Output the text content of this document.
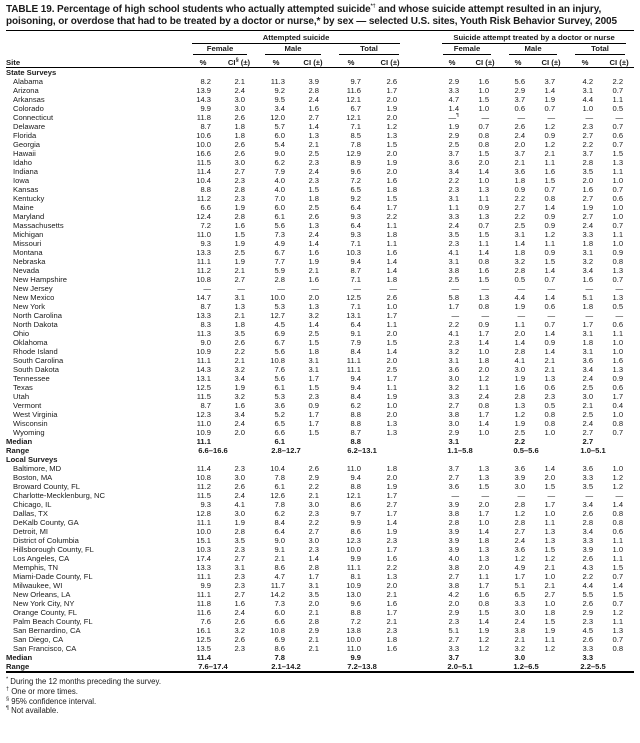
TABLE 19. Percentage of high school students who actually attempted suicide*† and whose suicide attempt resulted in an injury, poisoning, or overdose that had to be treated by a doctor or nurse,* by sex — selected U.S. sites, Youth Risk Behavior Survey, 2005

	Attempted suicide							Suicide attempt treated by a doctor or nurse					

	Female		Male		Total			Female		Male		Total	

Site	%	CI§ (±)	%	CI (±)	%	CI (±)		%	CI (±)	%	CI (±)	%	CI (±)
State Surveys													
Alabama	8.2	2.1	11.3	3.9	9.7	2.6		2.9	1.6	5.6	3.7	4.2	2.2
Arizona	13.9	2.4	9.2	2.8	11.6	1.7		3.3	1.0	2.9	1.4	3.1	0.7
Arkansas	14.3	3.0	9.5	2.4	12.1	2.0		4.7	1.5	3.7	1.9	4.4	1.1
Colorado	9.9	3.0	3.4	1.6	6.7	1.9		1.4	1.0	0.6	0.7	1.0	0.5
Connecticut	11.8	2.6	12.0	2.7	12.1	2.0		—¶	—	—	—	—	—
Delaware	8.7	1.8	5.7	1.4	7.1	1.2		1.9	0.7	2.6	1.2	2.3	0.7
Florida	10.6	1.8	6.0	1.3	8.5	1.3		2.9	0.8	2.4	0.9	2.7	0.6
Georgia	10.0	2.6	5.4	2.1	7.8	1.5		2.5	0.8	2.0	1.2	2.2	0.7
Hawaii	16.6	2.6	9.0	2.5	12.9	2.0		3.7	1.5	3.7	2.1	3.7	1.5
Idaho	11.5	3.0	6.2	2.3	8.9	1.9		3.6	2.0	2.1	1.1	2.8	1.3
Indiana	11.4	2.7	7.9	2.4	9.6	2.0		3.4	1.4	3.6	1.6	3.5	1.1
Iowa	10.4	2.3	4.0	2.3	7.2	1.6		2.2	1.0	1.8	1.5	2.0	1.0
Kansas	8.8	2.8	4.0	1.5	6.5	1.8		2.3	1.3	0.9	0.7	1.6	0.7
Kentucky	11.2	2.3	7.0	1.8	9.2	1.5		3.1	1.1	2.2	0.8	2.7	0.6
Maine	6.6	1.9	6.0	2.5	6.4	1.7		1.1	0.9	2.7	1.4	1.9	1.0
Maryland	12.4	2.8	6.1	2.6	9.3	2.2		3.3	1.3	2.2	0.9	2.7	1.0
Massachusetts	7.2	1.6	5.6	1.3	6.4	1.1		2.4	0.7	2.5	0.9	2.4	0.7
Michigan	11.0	1.5	7.3	2.4	9.3	1.8		3.5	1.5	3.1	1.2	3.3	1.1
Missouri	9.3	1.9	4.9	1.4	7.1	1.1		2.3	1.1	1.4	1.1	1.8	1.0
Montana	13.3	2.5	6.7	1.6	10.3	1.6		4.1	1.4	1.8	0.9	3.1	0.9
Nebraska	11.1	1.9	7.7	1.9	9.4	1.4		3.1	0.8	3.2	1.5	3.2	0.8
Nevada	11.2	2.1	5.9	2.1	8.7	1.4		3.8	1.6	2.8	1.4	3.4	1.3
New Hampshire	10.8	2.7	2.8	1.6	7.1	1.8		2.5	1.5	0.5	0.7	1.6	0.7
New Jersey	—	—	—	—	—	—		—	—	—	—	—	—
New Mexico	14.7	3.1	10.0	2.0	12.5	2.6		5.8	1.3	4.4	1.4	5.1	1.3
New York	8.7	1.3	5.3	1.3	7.1	1.0		1.7	0.8	1.9	0.6	1.8	0.5
North Carolina	13.3	2.1	12.7	3.2	13.1	1.7		—	—	—	—	—	—
North Dakota	8.3	1.8	4.5	1.4	6.4	1.1		2.2	0.9	1.1	0.7	1.7	0.6
Ohio	11.3	3.5	6.9	2.5	9.1	2.0		4.1	1.7	2.0	1.4	3.1	1.1
Oklahoma	9.0	2.6	6.7	1.5	7.9	1.5		2.3	1.4	1.4	0.9	1.8	1.0
Rhode Island	10.9	2.2	5.6	1.8	8.4	1.4		3.2	1.0	2.8	1.4	3.1	1.0
South Carolina	11.1	2.1	10.8	3.1	11.1	2.0		3.1	1.8	4.1	2.1	3.6	1.6
South Dakota	14.3	3.2	7.6	3.1	11.1	2.5		3.6	2.0	3.0	2.1	3.4	1.3
Tennessee	13.1	3.4	5.6	1.7	9.4	1.7		3.0	1.2	1.9	1.3	2.4	0.9
Texas	12.5	1.9	6.1	1.5	9.4	1.1		3.2	1.1	1.6	0.6	2.5	0.6
Utah	11.5	3.2	5.3	2.3	8.4	1.9		3.3	2.4	2.8	2.3	3.0	1.7
Vermont	8.7	1.6	3.6	0.9	6.2	1.0		2.7	0.8	1.3	0.5	2.1	0.4
West Virginia	12.3	3.4	5.2	1.7	8.8	2.0		3.8	1.7	1.2	0.8	2.5	1.0
Wisconsin	11.0	2.4	6.5	1.7	8.8	1.3		3.0	1.4	1.9	0.8	2.4	0.8
Wyoming	10.9	2.0	6.6	1.5	8.7	1.3		2.9	1.0	2.5	1.0	2.7	0.7
Median	11.1		6.1		8.8			3.1		2.2		2.7	
Range	6.6–16.6		2.8–12.7		6.2–13.1			1.1–5.8		0.5–5.6		1.0–5.1	
Local Surveys													
Baltimore, MD	11.4	2.3	10.4	2.6	11.0	1.8		3.7	1.3	3.6	1.4	3.6	1.0
Boston, MA	10.8	3.0	7.8	2.9	9.4	2.0		2.7	1.3	3.9	2.0	3.3	1.2
Broward County, FL	11.2	2.6	6.1	2.2	8.8	1.9		3.6	1.5	3.0	1.5	3.5	1.2
Charlotte-Mecklenburg, NC	11.5	2.4	12.6	2.1	12.1	1.7		—	—	—	—	—	—
Chicago, IL	9.3	4.1	7.8	3.0	8.6	2.7		3.9	2.0	2.8	1.7	3.4	1.4
Dallas, TX	12.8	3.0	6.2	2.3	9.7	1.7		3.8	1.7	1.2	1.0	2.6	0.8
DeKalb County, GA	11.1	1.9	8.4	2.2	9.9	1.4		2.8	1.0	2.8	1.1	2.8	0.8
Detroit, MI	10.0	2.8	6.4	2.7	8.6	1.9		3.9	1.4	2.7	1.3	3.4	0.6
District of Columbia	15.1	3.5	9.0	3.0	12.3	2.3		3.9	1.8	2.4	1.3	3.3	1.1
Hillsborough County, FL	10.3	2.3	9.1	2.3	10.0	1.7		3.9	1.3	3.6	1.5	3.9	1.0
Los Angeles, CA	17.4	2.7	2.1	1.4	9.9	1.6		4.0	1.3	1.2	1.2	2.6	1.1
Memphis, TN	13.3	3.1	8.6	2.8	11.1	2.2		3.8	2.0	4.9	2.1	4.3	1.5
Miami-Dade County, FL	11.1	2.3	4.7	1.7	8.1	1.3		2.7	1.1	1.7	1.0	2.2	0.7
Milwaukee, WI	9.9	2.3	11.7	3.1	10.9	2.0		3.8	1.7	5.1	2.1	4.4	1.4
New Orleans, LA	11.1	2.7	14.2	3.5	13.0	2.1		4.2	1.6	6.5	2.7	5.5	1.5
New York City, NY	11.8	1.6	7.3	2.0	9.6	1.6		2.0	0.8	3.3	1.0	2.6	0.7
Orange County, FL	11.6	2.4	6.0	2.1	8.8	1.7		2.9	1.5	3.0	1.8	2.9	1.2
Palm Beach County, FL	7.6	2.6	6.6	2.8	7.2	2.1		2.3	1.4	2.4	1.5	2.3	1.1
San Bernardino, CA	16.1	3.2	10.8	2.9	13.8	2.3		5.1	1.9	3.8	1.9	4.5	1.3
San Diego, CA	12.5	2.6	6.9	2.1	10.0	1.8		2.7	1.2	2.1	1.1	2.6	0.7
San Francisco, CA	13.5	2.3	8.6	2.1	11.0	1.6		3.3	1.2	3.2	1.2	3.3	0.8
Median	11.4		7.8		9.9			3.7		3.0		3.3	
Range	7.6–17.4		2.1–14.2		7.2–13.8			2.0–5.1		1.2–6.5		2.2–5.5	
* During the 12 months preceding the survey.
† One or more times.
§ 95% confidence interval.
¶ Not available.
